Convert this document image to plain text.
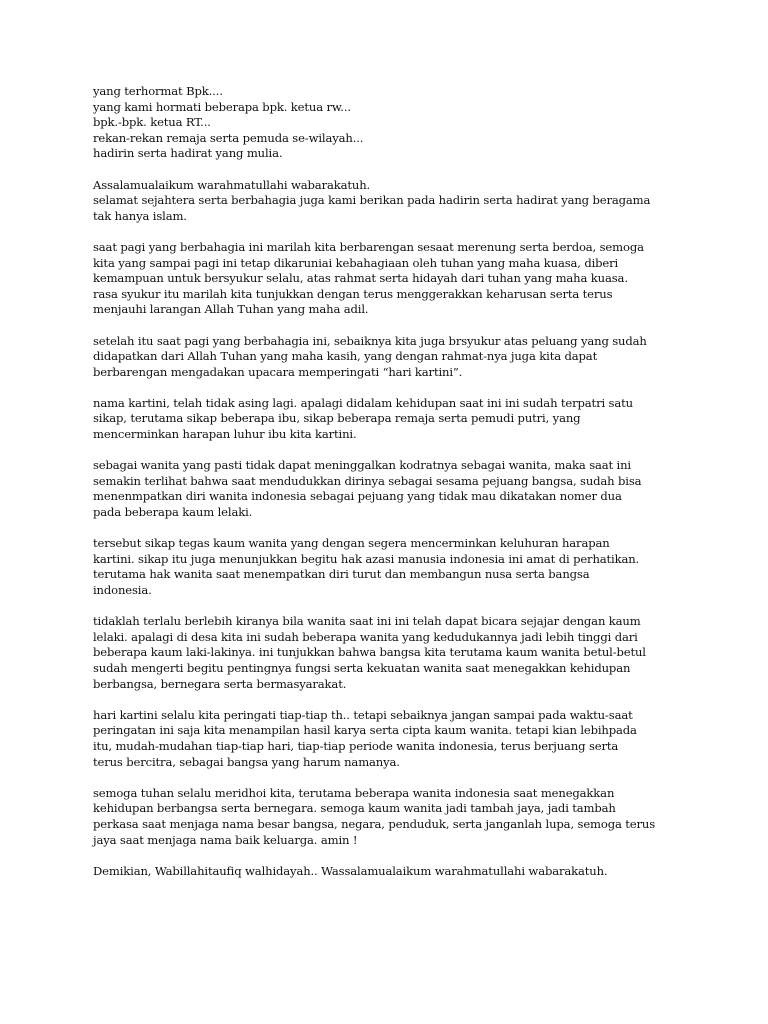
yang terhormat Bpk....
yang kami hormati beberapa bpk. ketua rw...
bpk.-bpk. ketua RT...
rekan-rekan remaja serta pemuda se-wilayah...
hadirin serta hadirat yang mulia.
Assalamualaikum warahmatullahi wabarakatuh.
selamat sejahtera serta berbahagia juga kami berikan pada hadirin serta hadirat yang beragama
tak hanya islam.
saat pagi yang berbahagia ini marilah kita berbarengan sesaat merenung serta berdoa, semoga
kita yang sampai pagi ini tetap dikaruniai kebahagiaan oleh tuhan yang maha kuasa, diberi
kemampuan untuk bersyukur selalu, atas rahmat serta hidayah dari tuhan yang maha kuasa.
rasa syukur itu marilah kita tunjukkan dengan terus menggerakkan keharusan serta terus
menjauhi larangan Allah Tuhan yang maha adil.
setelah itu saat pagi yang berbahagia ini, sebaiknya kita juga brsyukur atas peluang yang sudah
didapatkan dari Allah Tuhan yang maha kasih, yang dengan rahmat-nya juga kita dapat
berbarengan mengadakan upacara memperingati “hari kartini”.
nama kartini, telah tidak asing lagi. apalagi didalam kehidupan saat ini ini sudah terpatri satu
sikap, terutama sikap beberapa ibu, sikap beberapa remaja serta pemudi putri, yang
mencerminkan harapan luhur ibu kita kartini.
sebagai wanita yang pasti tidak dapat meninggalkan kodratnya sebagai wanita, maka saat ini
semakin terlihat bahwa saat mendudukkan dirinya sebagai sesama pejuang bangsa, sudah bisa
menenmpatkan diri wanita indonesia sebagai pejuang yang tidak mau dikatakan nomer dua
pada beberapa kaum lelaki.
tersebut sikap tegas kaum wanita yang dengan segera mencerminkan keluhuran harapan
kartini. sikap itu juga menunjukkan begitu hak azasi manusia indonesia ini amat di perhatikan.
terutama hak wanita saat menempatkan diri turut dan membangun nusa serta bangsa
indonesia.
tidaklah terlalu berlebih kiranya bila wanita saat ini ini telah dapat bicara sejajar dengan kaum
lelaki. apalagi di desa kita ini sudah beberapa wanita yang kedudukannya jadi lebih tinggi dari
beberapa kaum laki-lakinya. ini tunjukkan bahwa bangsa kita terutama kaum wanita betul-betul
sudah mengerti begitu pentingnya fungsi serta kekuatan wanita saat menegakkan kehidupan
berbangsa, bernegara serta bermasyarakat.
hari kartini selalu kita peringati tiap-tiap th.. tetapi sebaiknya jangan sampai pada waktu-saat
peringatan ini saja kita menampilan hasil karya serta cipta kaum wanita. tetapi kian lebihpada
itu, mudah-mudahan tiap-tiap hari, tiap-tiap periode wanita indonesia, terus berjuang serta
terus bercitra, sebagai bangsa yang harum namanya.
semoga tuhan selalu meridhoi kita, terutama beberapa wanita indonesia saat menegakkan
kehidupan berbangsa serta bernegara. semoga kaum wanita jadi tambah jaya, jadi tambah
perkasa saat menjaga nama besar bangsa, negara, penduduk, serta janganlah lupa, semoga terus
jaya saat menjaga nama baik keluarga. amin !
Demikian, Wabillahitaufiq walhidayah.. Wassalamualaikum warahmatullahi wabarakatuh.
